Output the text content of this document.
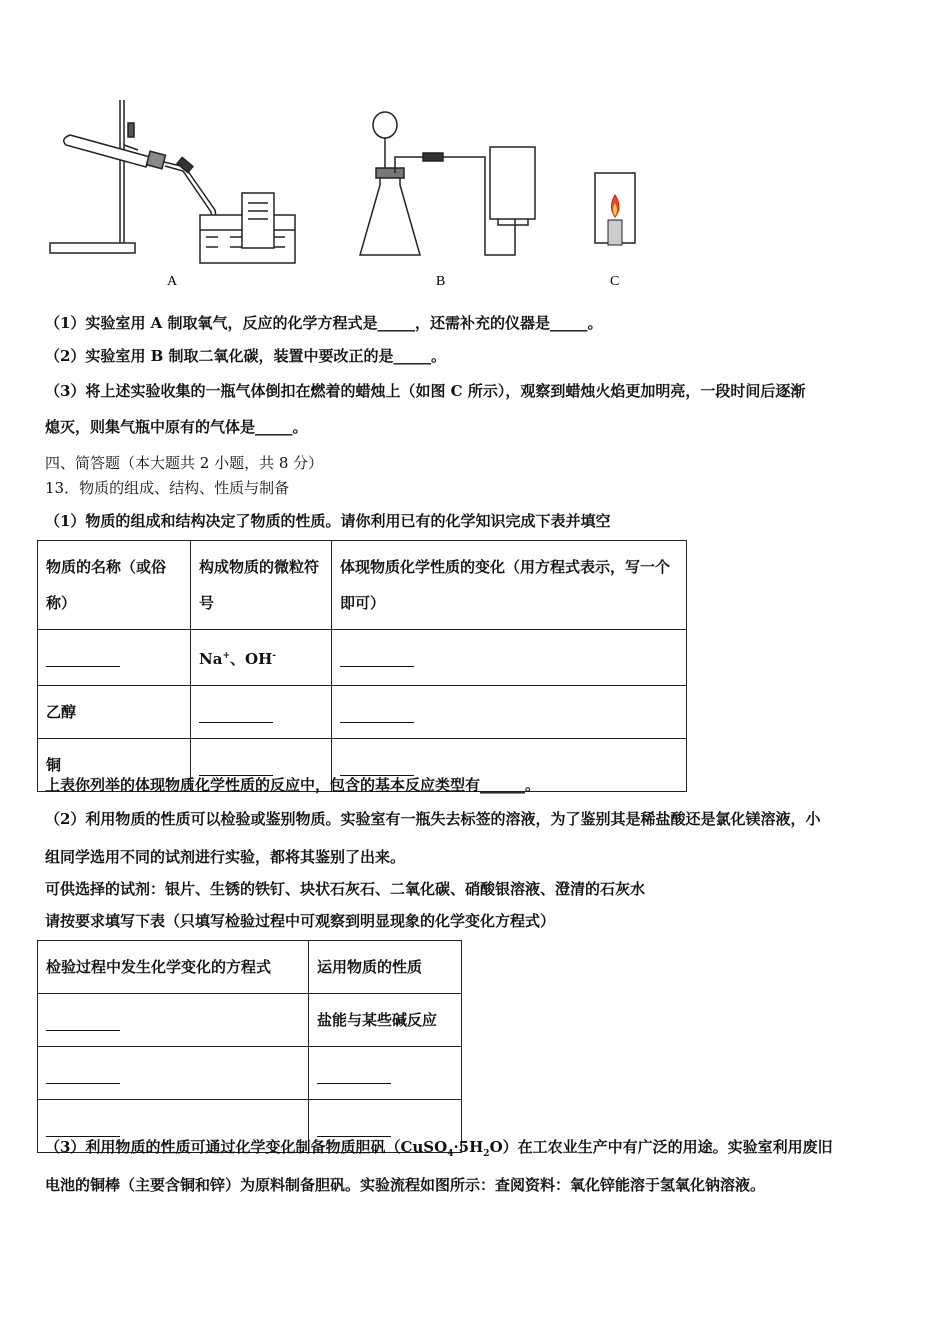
A	B	C
（1）实验室用 A 制取氧气，反应的化学方程式是_____，还需补充的仪器是_____。
（2）实验室用 B 制取二氧化碳，装置中要改正的是_____。
（3）将上述实验收集的一瓶气体倒扣在燃着的蜡烛上（如图 C 所示），观察到蜡烛火焰更加明亮，一段时间后逐渐
熄灭，则集气瓶中原有的气体是_____。
四、简答题（本大题共 2 小题，共 8 分）
13．物质的组成、结构、性质与制备
（1）物质的组成和结构决定了物质的性质。请你利用已有的化学知识完成下表并填空
物质的名称（或俗称）	构成物质的微粒符号	体现物质化学性质的变化（用方程式表示，写一个即可）
	Na+、OH-	
乙醇		
铜		
上表你列举的体现物质化学性质的反应中，包含的基本反应类型有______。
（2）利用物质的性质可以检验或鉴别物质。实验室有一瓶失去标签的溶液，为了鉴别其是稀盐酸还是氯化镁溶液，小
组同学选用不同的试剂进行实验，都将其鉴别了出来。
可供选择的试剂：银片、生锈的铁钉、块状石灰石、二氧化碳、硝酸银溶液、澄清的石灰水
请按要求填写下表（只填写检验过程中可观察到明显现象的化学变化方程式）
检验过程中发生化学变化的方程式	运用物质的性质
	盐能与某些碱反应

（3）利用物质的性质可通过化学变化制备物质胆矾$(CuSO_4\cdot 5H_2O)$在工农业生产中有广泛的用途。实验室利用废旧
电池的铜棒（主要含铜和锌）为原料制备胆矾。实验流程如图所示：查阅资料：氧化锌能溶于氢氧化钠溶液。
